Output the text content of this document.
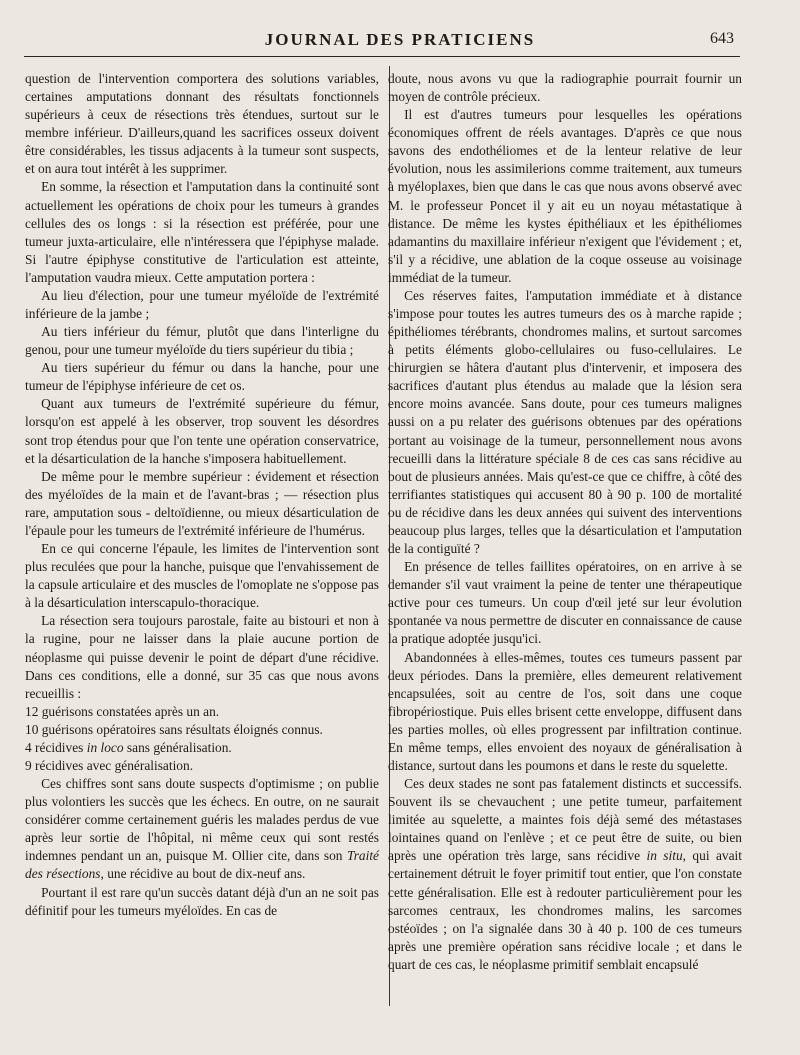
JOURNAL DES PRATICIENS	643

question de l'intervention comportera des solutions variables, certaines amputations donnant des résultats fonctionnels supérieurs à ceux de résections très étendues, surtout sur le membre inférieur. D'ailleurs,quand les sacrifices osseux doivent être considérables, les tissus adjacents à la tumeur sont suspects, et on aura tout intérêt à les supprimer.

En somme, la résection et l'amputation dans la continuité sont actuellement les opérations de choix pour les tumeurs à grandes cellules des os longs : si la résection est préférée, pour une tumeur juxta-articulaire, elle n'intéressera que l'épiphyse malade. Si l'autre épiphyse constitutive de l'articulation est atteinte, l'amputation vaudra mieux. Cette amputation portera :

Au lieu d'élection, pour une tumeur myéloïde de l'extrémité inférieure de la jambe ;

Au tiers inférieur du fémur, plutôt que dans l'interligne du genou, pour une tumeur myéloïde du tiers supérieur du tibia ;

Au tiers supérieur du fémur ou dans la hanche, pour une tumeur de l'épiphyse inférieure de cet os.

Quant aux tumeurs de l'extrémité supérieure du fémur, lorsqu'on est appelé à les observer, trop souvent les désordres sont trop étendus pour que l'on tente une opération conservatrice, et la désarticulation de la hanche s'imposera habituellement.

De même pour le membre supérieur : évidement et résection des myéloïdes de la main et de l'avant-bras ; — résection plus rare, amputation sous - deltoïdienne, ou mieux désarticulation de l'épaule pour les tumeurs de l'extrémité inférieure de l'humérus.

En ce qui concerne l'épaule, les limites de l'intervention sont plus reculées que pour la hanche, puisque que l'envahissement de la capsule articulaire et des muscles de l'omoplate ne s'oppose pas à la désarticulation interscapulo-thoracique.

La résection sera toujours parostale, faite au bistouri et non à la rugine, pour ne laisser dans la plaie aucune portion de néoplasme qui puisse devenir le point de départ d'une récidive. Dans ces conditions, elle a donné, sur 35 cas que nous avons recueillis :

12 guérisons constatées après un an.

10 guérisons opératoires sans résultats éloignés connus.

4 récidives in loco sans généralisation.

9 récidives avec généralisation.

Ces chiffres sont sans doute suspects d'optimisme ; on publie plus volontiers les succès que les échecs. En outre, on ne saurait considérer comme certainement guéris les malades perdus de vue après leur sortie de l'hôpital, ni même ceux qui sont restés indemnes pendant un an, puisque M. Ollier cite, dans son Traité des résections, une récidive au bout de dix-neuf ans.

Pourtant il est rare qu'un succès datant déjà d'un an ne soit pas définitif pour les tumeurs myéloïdes. En cas de

doute, nous avons vu que la radiographie pourrait fournir un moyen de contrôle précieux.

Il est d'autres tumeurs pour lesquelles les opérations économiques offrent de réels avantages. D'après ce que nous savons des endothéliomes et de la lenteur relative de leur évolution, nous les assimilerions comme traitement, aux tumeurs à myéloplaxes, bien que dans le cas que nous avons observé avec M. le professeur Poncet il y ait eu un noyau métastatique à distance. De même les kystes épithéliaux et les épithéliomes adamantins du maxillaire inférieur n'exigent que l'évidement ; et, s'il y a récidive, une ablation de la coque osseuse au voisinage immédiat de la tumeur.

Ces réserves faites, l'amputation immédiate et à distance s'impose pour toutes les autres tumeurs des os à marche rapide ; épithéliomes térébrants, chondromes malins, et surtout sarcomes à petits éléments globo-cellulaires ou fuso-cellulaires. Le chirurgien se hâtera d'autant plus d'intervenir, et imposera des sacrifices d'autant plus étendus au malade que la lésion sera encore moins avancée. Sans doute, pour ces tumeurs malignes aussi on a pu relater des guérisons obtenues par des opérations portant au voisinage de la tumeur, personnellement nous avons recueilli dans la littérature spéciale 8 de ces cas sans récidive au bout de plusieurs années. Mais qu'est-ce que ce chiffre, à côté des terrifiantes statistiques qui accusent 80 à 90 p. 100 de mortalité ou de récidive dans les deux années qui suivent des interventions beaucoup plus larges, telles que la désarticulation et l'amputation de la contiguïté ?

En présence de telles faillites opératoires, on en arrive à se demander s'il vaut vraiment la peine de tenter une thérapeutique active pour ces tumeurs. Un coup d'œil jeté sur leur évolution spontanée va nous permettre de discuter en connaissance de cause la pratique adoptée jusqu'ici.

Abandonnées à elles-mêmes, toutes ces tumeurs passent par deux périodes. Dans la première, elles demeurent relativement encapsulées, soit au centre de l'os, soit dans une coque fibropériostique. Puis elles brisent cette enveloppe, diffusent dans les parties molles, où elles progressent par infiltration continue. En même temps, elles envoient des noyaux de généralisation à distance, surtout dans les poumons et dans le reste du squelette.

Ces deux stades ne sont pas fatalement distincts et successifs. Souvent ils se chevauchent ; une petite tumeur, parfaitement limitée au squelette, a maintes fois déjà semé des métastases lointaines quand on l'enlève ; et ce peut être de suite, ou bien après une opération très large, sans récidive in situ, qui avait certainement détruit le foyer primitif tout entier, que l'on constate cette généralisation. Elle est à redouter particulièrement pour les sarcomes centraux, les chondromes malins, les sarcomes ostéoïdes ; on l'a signalée dans 30 à 40 p. 100 de ces tumeurs après une première opération sans récidive locale ; et dans le quart de ces cas, le néoplasme primitif semblait encapsulé
